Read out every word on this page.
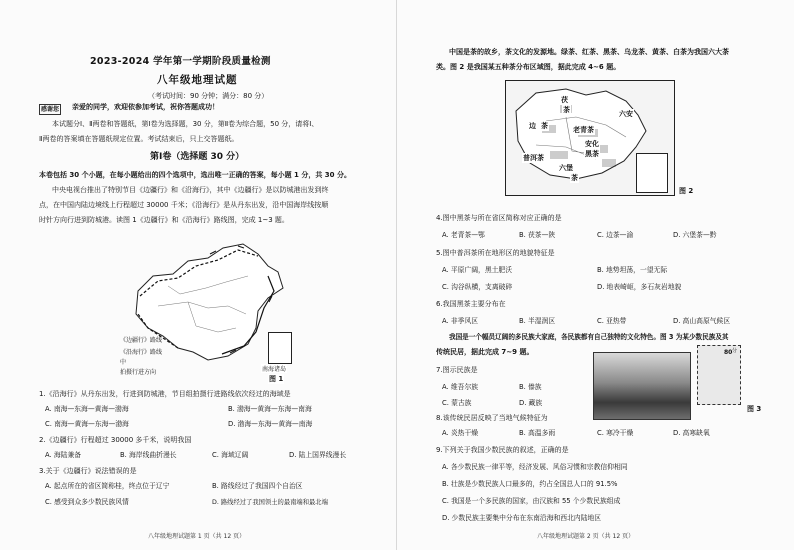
2023-2024 学年第一学期阶段质量检测
八年级地理试题
（考试时间：90 分钟；满分：80 分）
感谢您 亲爱的同学，欢迎依参加考试，祝你答题成功！
本试题分Ⅰ、Ⅱ两卷和答题纸，第Ⅰ卷为选择题，30 分，第Ⅱ卷为综合题，50 分，请将Ⅰ、
Ⅱ两卷的答案填在答题纸规定位置。考试结束后，只上交答题纸。
第Ⅰ卷（选择题 30 分）
本卷包括 30 个小题，在每小题给出的四个选项中，选出唯一正确的答案，每小题 1 分，共 30 分。
中央电视台推出了特别节目《边疆行》和《沿海行》，其中《边疆行》是以防城港出发到终
点，在中国内陆边境线上行程超过 30000 千米；《沿海行》是从丹东出发，沿中国海岸线按顺
时针方向行进到防城港。读图 1《边疆行》和《沿海行》路线图，完成 1~3 题。
南海诸岛
图 1
《边疆行》路线
《沿海行》路线
中
拍摄行进方向
1.《沿海行》从丹东出发，行进到防城港，节目组拍摄行进路线依次经过的海域是
A. 南海—东海—黄海—渤海	B. 渤海—黄海—东海—南海
C. 南海—黄海—东海—渤海	D. 渤海—东海—黄海—南海
2.《边疆行》行程超过 30000 多千米，说明我国
A. 海陆兼备	B. 海岸线曲折漫长	C. 海域辽阔	D. 陆上国界线漫长
3.关于《边疆行》说法错误的是
A. 起点所在的省区简称桂，终点位于辽宁	B. 路线经过了我国四个自治区
C. 感受到众多少数民族风情	D. 路线经过了我国领土的最南端和最北端
八年级地理试题第 1 页（共 12 页）
中国是茶的故乡，茶文化的发源地。绿茶、红茶、黑茶、乌龙茶、黄茶、白茶为我国六大茶
类。图 2 是我国某五种茶分布区域图，据此完成 4~6 题。
茯
六安
茶
边 茶	老青茶
安化
黑茶
普洱茶
六堡
茶
图 2
4.图中黑茶与所在省区简称对应正确的是
A. 老青茶—鄂	B. 茯茶—陕	C. 边茶—渝	D. 六堡茶—黔
5.图中普洱茶所在地形区的地貌特征是
A. 平原广阔，黑土肥沃	B. 地势坦荡，一望无际
C. 沟谷纵横，支离破碎	D. 地表崎岖，多石灰岩地貌
6.我国黑茶主要分布在
A. 非季风区	B. 半湿润区	C. 亚热带	D. 高山高原气候区
我国是一个幅员辽阔的多民族大家庭，各民族都有自己独特的文化特色。图 3 为某少数民族及其
传统民居，据此完成 7~9 题。	80 分
图 3
7.图示民族是
A. 维吾尔族	B. 傣族
C. 蒙古族	D. 藏族
8.该传统民居反映了当地气候特征为
A. 炎热干燥	B. 高温多雨	C. 寒冷干燥	D. 高寒缺氧
9.下列关于我国少数民族的叙述，正确的是
A. 各少数民族一律平等，经济发展、风俗习惯和宗教信仰相同
B. 壮族是少数民族人口最多的，约占全国总人口的 91.5%
C. 我国是一个多民族的国家，由汉族和 55 个少数民族组成
D. 少数民族主要集中分布在东南沿海和西北内陆地区
八年级地理试题第 2 页（共 12 页）
